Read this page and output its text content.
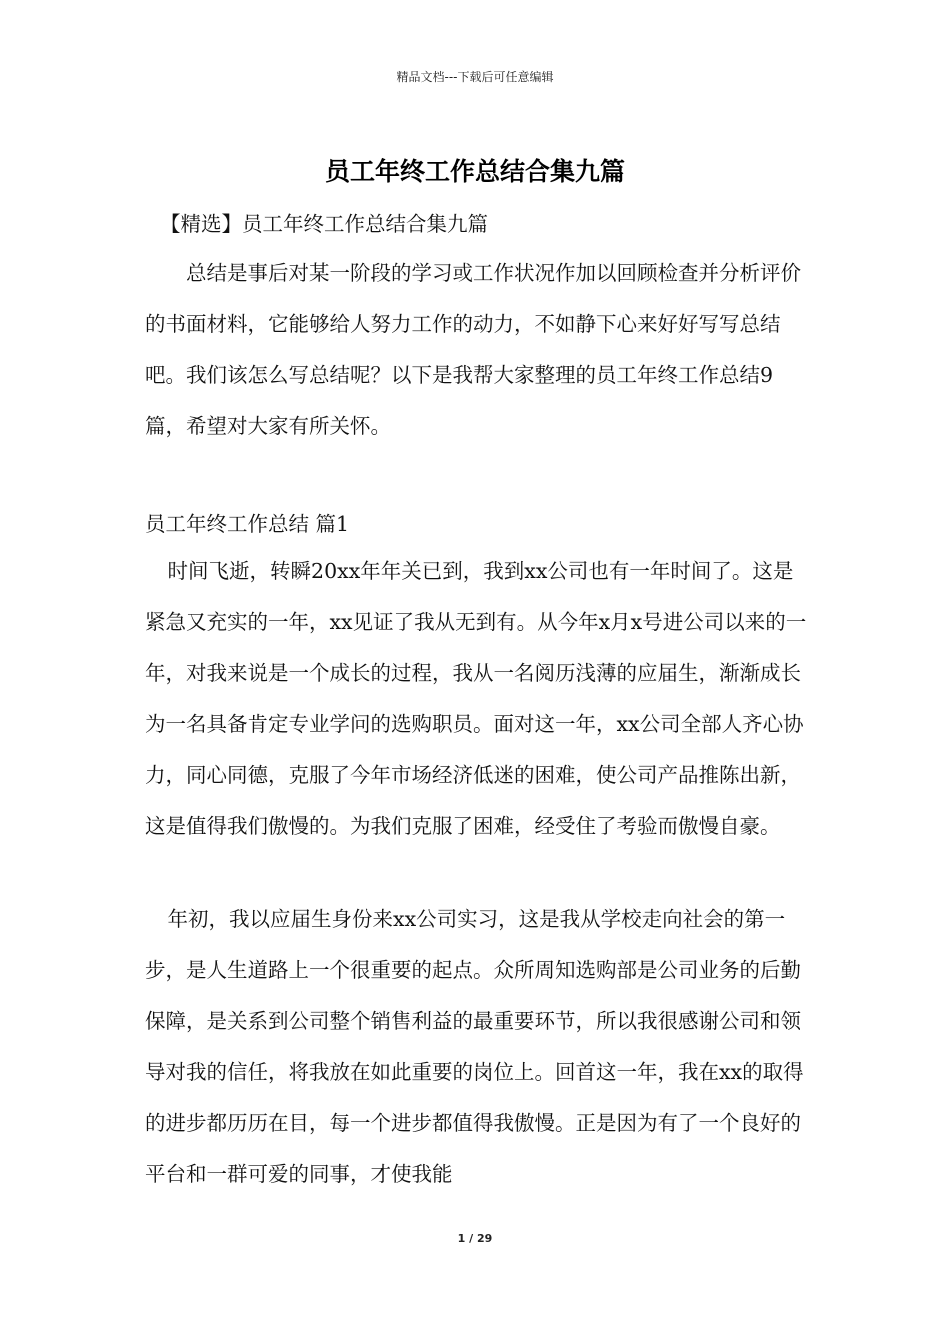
精品文档---下载后可任意编辑
员工年终工作总结合集九篇
【精选】员工年终工作总结合集九篇

总结是事后对某一阶段的学习或工作状况作加以回顾检查并分析评价的书面材料，它能够给人努力工作的动力，不如静下心来好好写写总结吧。我们该怎么写总结呢？以下是我帮大家整理的员工年终工作总结9篇，希望对大家有所关怀。

员工年终工作总结 篇1

时间飞逝，转瞬20xx年年关已到，我到xx公司也有一年时间了。这是紧急又充实的一年，xx见证了我从无到有。从今年x月x号进公司以来的一年，对我来说是一个成长的过程，我从一名阅历浅薄的应届生，渐渐成长为一名具备肯定专业学问的选购职员。面对这一年，xx公司全部人齐心协力，同心同德，克服了今年市场经济低迷的困难，使公司产品推陈出新，这是值得我们傲慢的。为我们克服了困难，经受住了考验而傲慢自豪。

年初，我以应届生身份来xx公司实习，这是我从学校走向社会的第一步，是人生道路上一个很重要的起点。众所周知选购部是公司业务的后勤保障，是关系到公司整个销售利益的最重要环节，所以我很感谢公司和领导对我的信任，将我放在如此重要的岗位上。回首这一年，我在xx的取得的进步都历历在目，每一个进步都值得我傲慢。正是因为有了一个良好的平台和一群可爱的同事，才使我能

1 / 29
